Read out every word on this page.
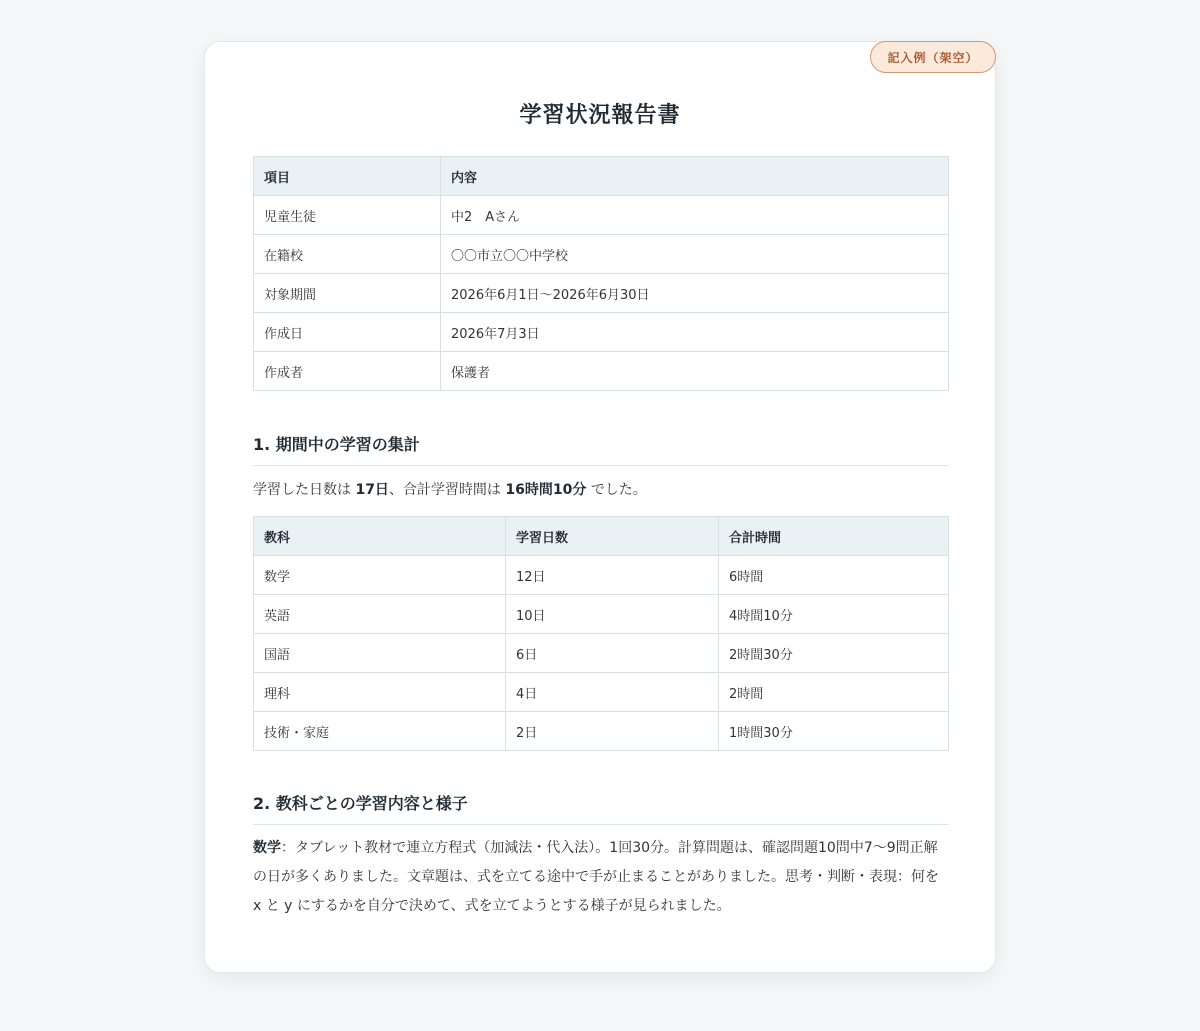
記入例（架空）
学習状況報告書
項目	内容
児童生徒	中2　Aさん
在籍校	〇〇市立〇〇中学校
対象期間	2026年6月1日〜2026年6月30日
作成日	2026年7月3日
作成者	保護者
1. 期間中の学習の集計
学習した日数は 17日、合計学習時間は 16時間10分 でした。
教科	学習日数	合計時間
数学	12日	6時間
英語	10日	4時間10分
国語	6日	2時間30分
理科	4日	2時間
技術・家庭	2日	1時間30分
2. 教科ごとの学習内容と様子
数学：タブレット教材で連立方程式（加減法・代入法）。1回30分。計算問題は、確認問題10問中7〜9問正解の日が多くありました。文章題は、式を立てる途中で手が止まることがありました。思考・判断・表現：何を x と y にするかを自分で決めて、式を立てようとする様子が見られました。
